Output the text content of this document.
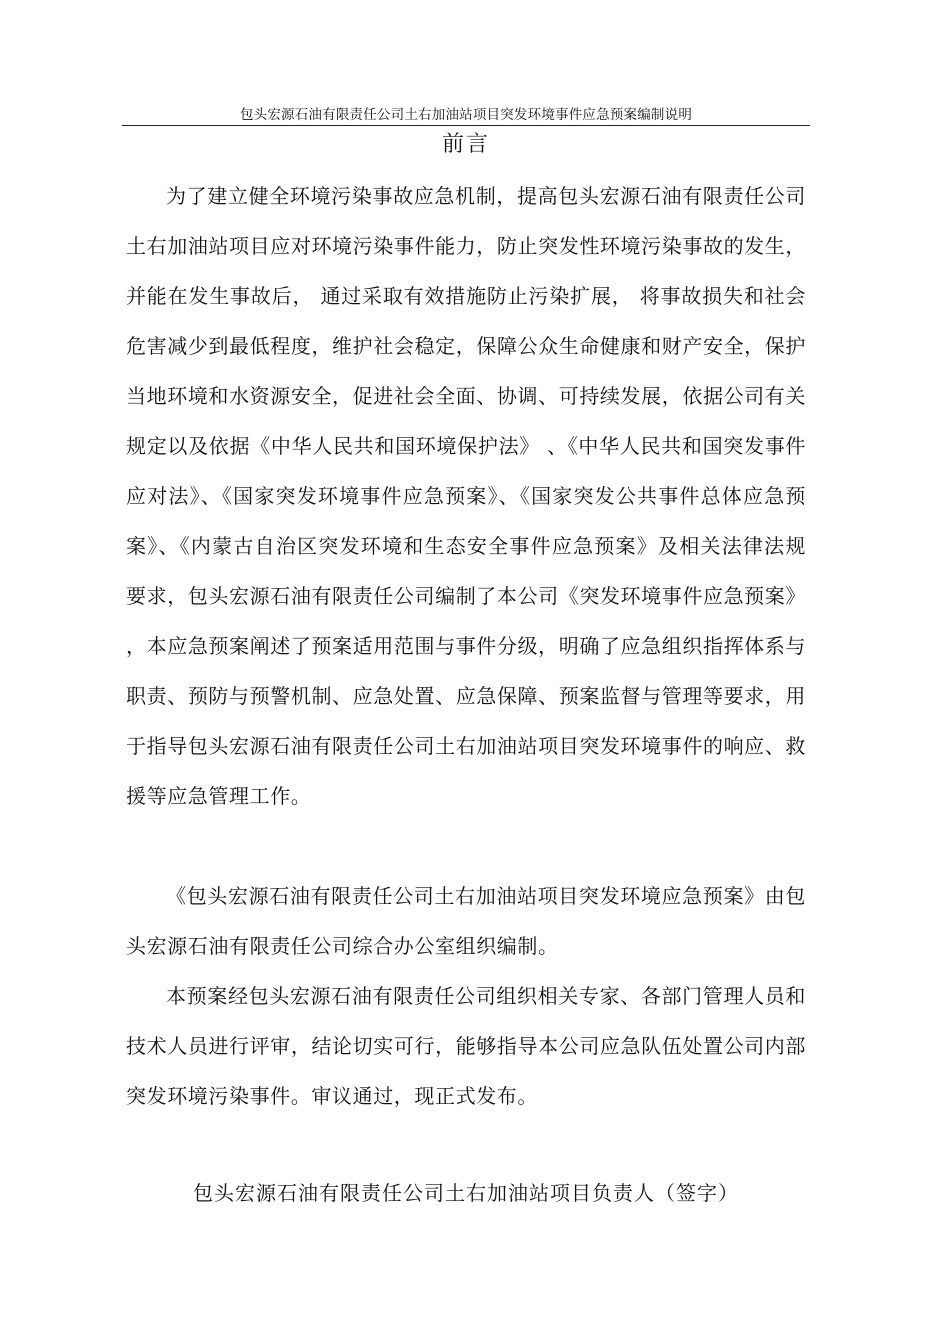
包头宏源石油有限责任公司土右加油站项目突发环境事件应急预案编制说明
前言

为了建立健全环境污染事故应急机制，提高包头宏源石油有限责任公司土右加油站项目应对环境污染事件能力，防止突发性环境污染事故的发生，并能在发生事故后， 通过采取有效措施防止污染扩展， 将事故损失和社会危害减少到最低程度，维护社会稳定，保障公众生命健康和财产安全，保护当地环境和水资源安全，促进社会全面、协调、可持续发展，依据公司有关规定以及依据《中华人民共和国环境保护法》 、《中华人民共和国突发事件应对法》、《国家突发环境事件应急预案》、《国家突发公共事件总体应急预案》、《内蒙古自治区突发环境和生态安全事件应急预案》及相关法律法规要求，包头宏源石油有限责任公司编制了本公司《突发环境事件应急预案》 ，本应急预案阐述了预案适用范围与事件分级，明确了应急组织指挥体系与职责、预防与预警机制、应急处置、应急保障、预案监督与管理等要求，用于指导包头宏源石油有限责任公司土右加油站项目突发环境事件的响应、救援等应急管理工作。

《包头宏源石油有限责任公司土右加油站项目突发环境应急预案》由包头宏源石油有限责任公司综合办公室组织编制。

本预案经包头宏源石油有限责任公司组织相关专家、各部门管理人员和技术人员进行评审，结论切实可行，能够指导本公司应急队伍处置公司内部突发环境污染事件。审议通过，现正式发布。

包头宏源石油有限责任公司土右加油站项目负责人（签字）
